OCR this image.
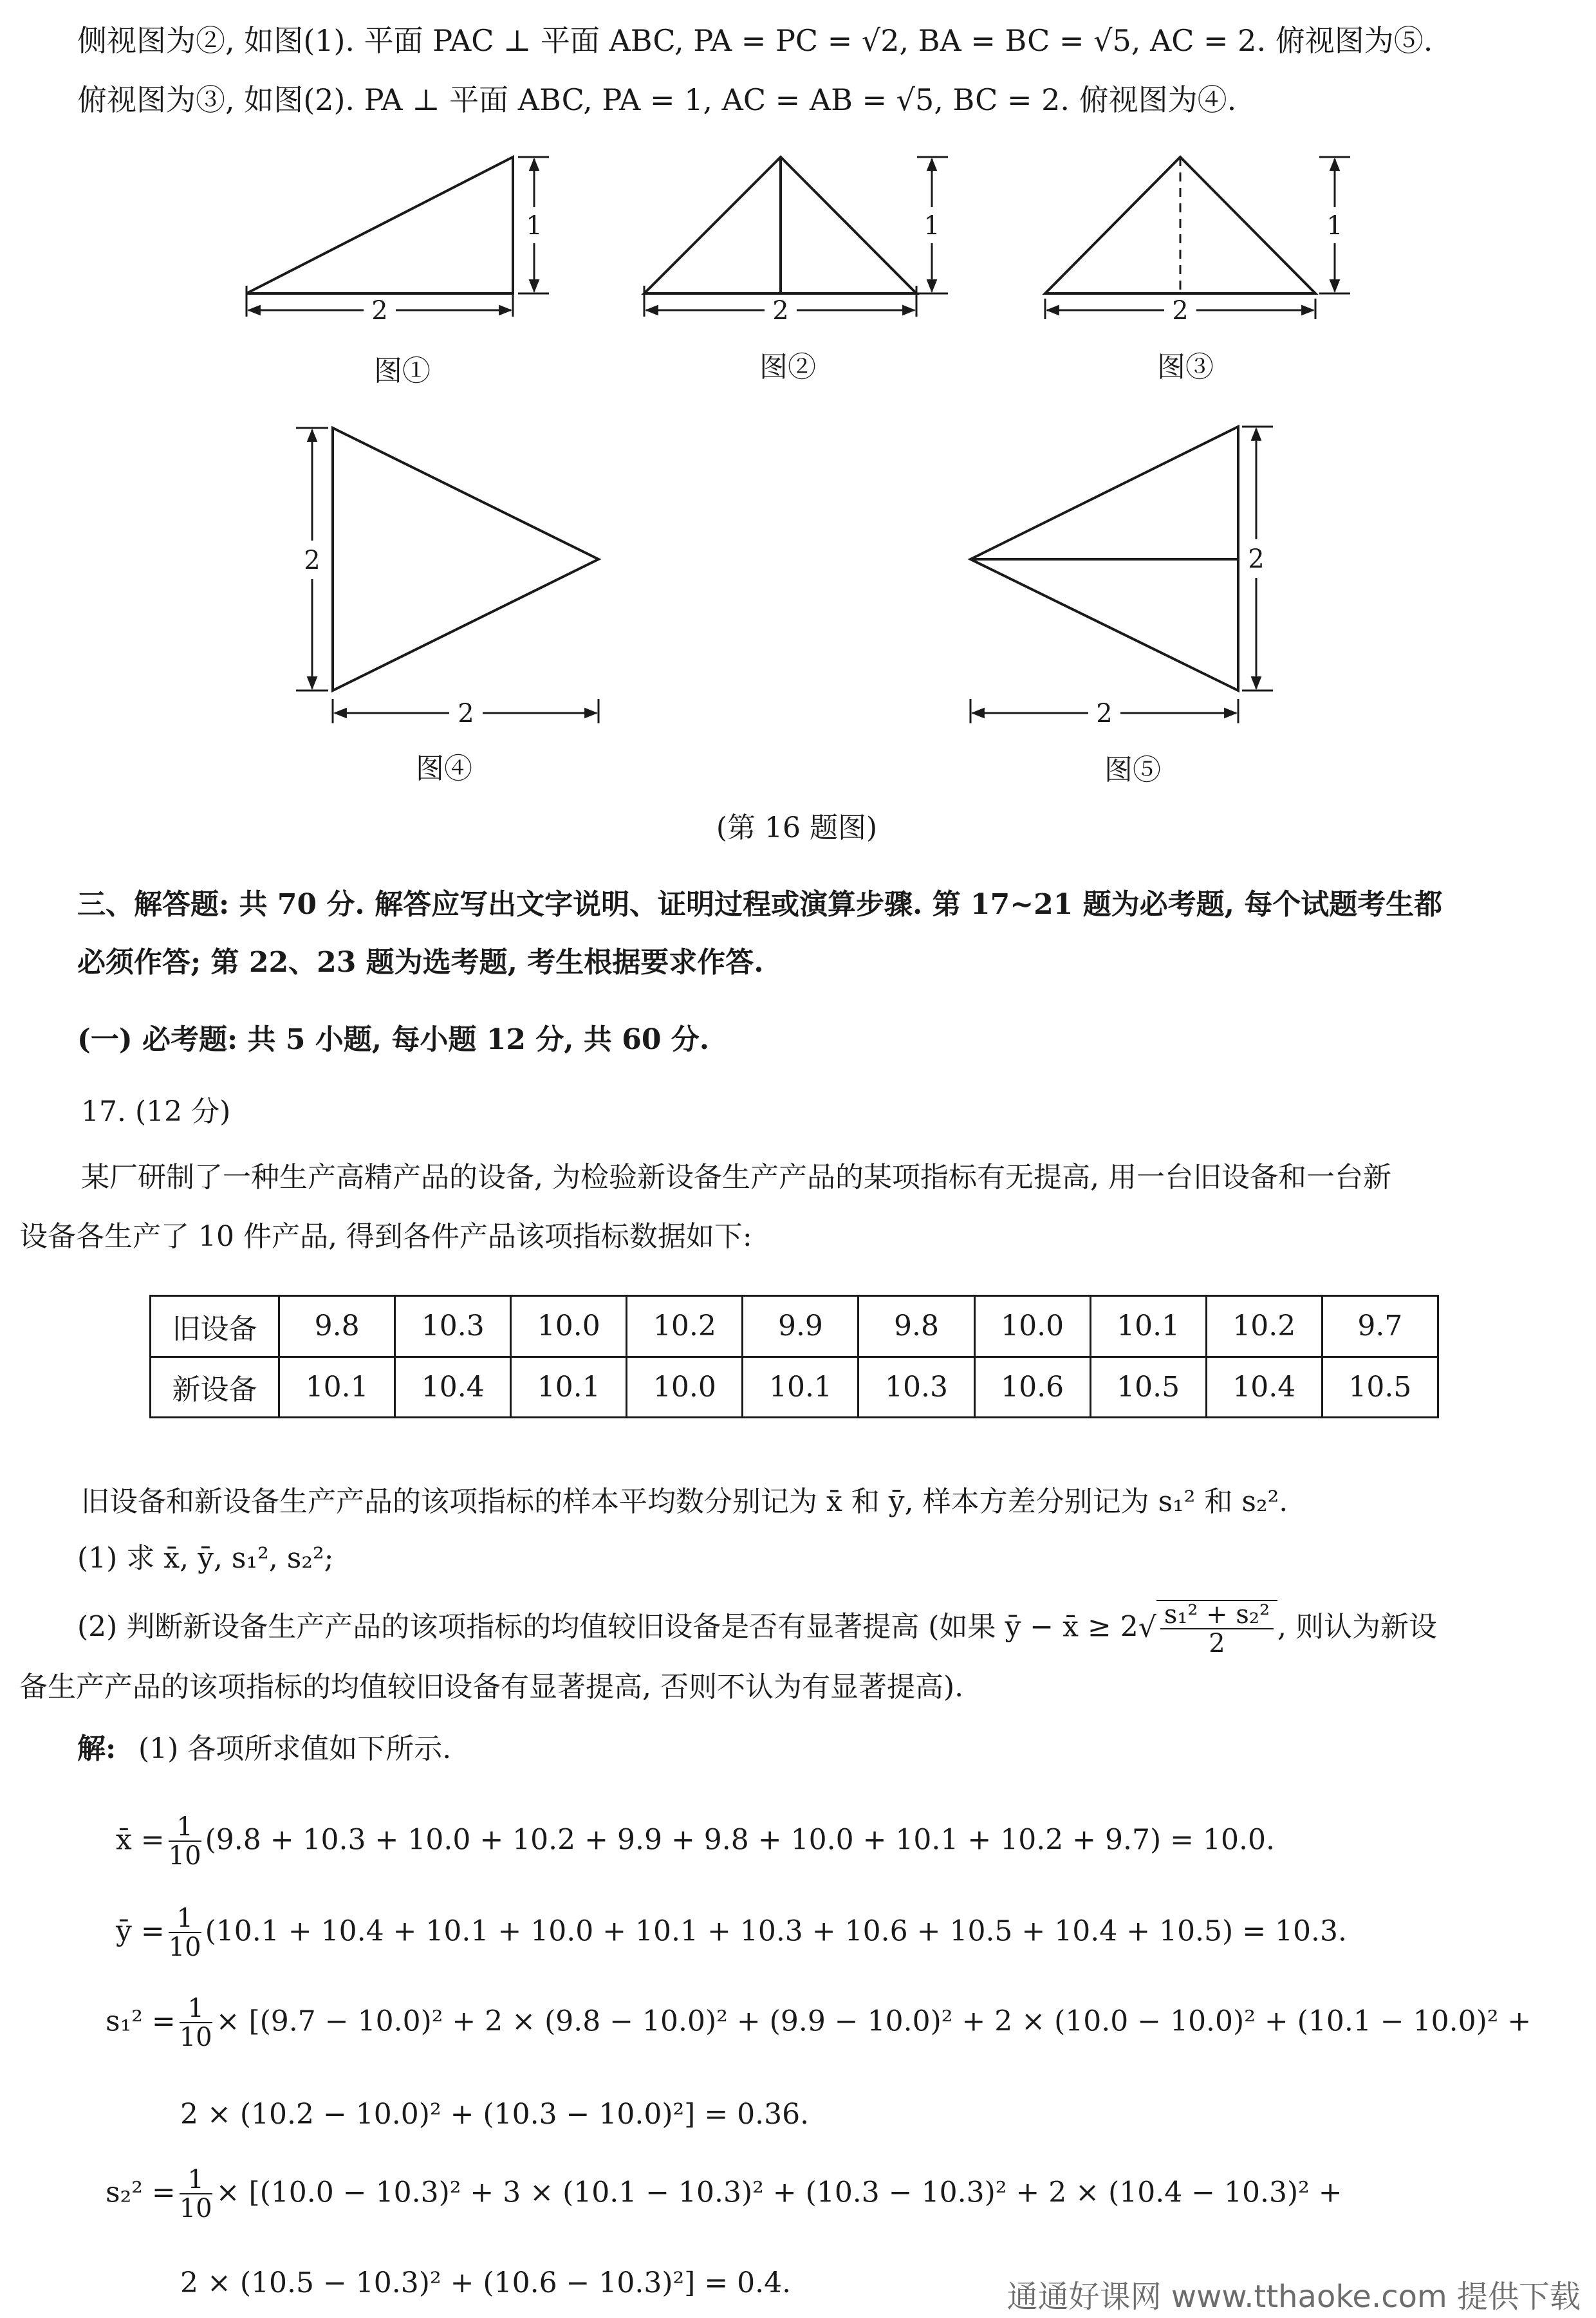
侧视图为②, 如图(1). 平面 PAC ⊥ 平面 ABC, PA = PC = √2, BA = BC = √5, AC = 2. 俯视图为⑤.
俯视图为③, 如图(2). PA ⊥ 平面 ABC, PA = 1, AC = AB = √5, BC = 2. 俯视图为④.
2
1
2
1
2
1
2
2
2
2
图①	图②	图③
图④	图⑤
(第 16 题图)
三、解答题: 共 70 分. 解答应写出文字说明、证明过程或演算步骤. 第 17~21 题为必考题, 每个试题考生都
必须作答; 第 22、23 题为选考题, 考生根据要求作答.
(一) 必考题: 共 5 小题, 每小题 12 分, 共 60 分.
17. (12 分)
某厂研制了一种生产高精产品的设备, 为检验新设备生产产品的某项指标有无提高, 用一台旧设备和一台新
设备各生产了 10 件产品, 得到各件产品该项指标数据如下:
旧设备	9.8	10.3	10.0	10.2	9.9	9.8	10.0	10.1	10.2	9.7
新设备	10.1	10.4	10.1	10.0	10.1	10.3	10.6	10.5	10.4	10.5
旧设备和新设备生产产品的该项指标的样本平均数分别记为 x̄ 和 ȳ, 样本方差分别记为 s₁² 和 s₂².
(1) 求 x̄, ȳ, s₁², s₂²;
(2) 判断新设备生产产品的该项指标的均值较旧设备是否有显著提高 (如果 ȳ − x̄ ≥ $2√ \frac{\text{s₁² + s₂²}}{2}$ , 则认为新设
备生产产品的该项指标的均值较旧设备有显著提高, 否则不认为有显著提高).
解: (1) 各项所求值如下所示.
x̄ = $\frac{1}{10} (9.8 + 10.3 + 10.0 + 10.2 + 9.9 + 9.8 + 10.0 + 10.1 + 10.2 + 9.7) = 10.0$.
ȳ = $\frac{1}{10} (10.1 + 10.4 + 10.1 + 10.0 + 10.1 + 10.3 + 10.6 + 10.5 + 10.4 + 10.5) = 10.3$.
$s_1^2 = \frac{1}{10} \times [(9.7 - 10.0)^2 + 2 \times (9.8 - 10.0)^2 + (9.9 - 10.0)^2 + 2 \times (10.0 - 10.0)^2 + (10.1 - 10.0)^2$ +
2 × (10.2 − 10.0)² + (10.3 − 10.0)²] = 0.36.
$s_2^2 = \frac{1}{10} \times [(10.0 - 10.3)^2 + 3 \times (10.1 - 10.3)^2 + (10.3 - 10.3)^2 + 2 \times (10.4 - 10.3)^2$ +
2 × (10.5 − 10.3)² + (10.6 − 10.3)²] = 0.4.	通通好课网 www.tthaoke.com 提供下载
